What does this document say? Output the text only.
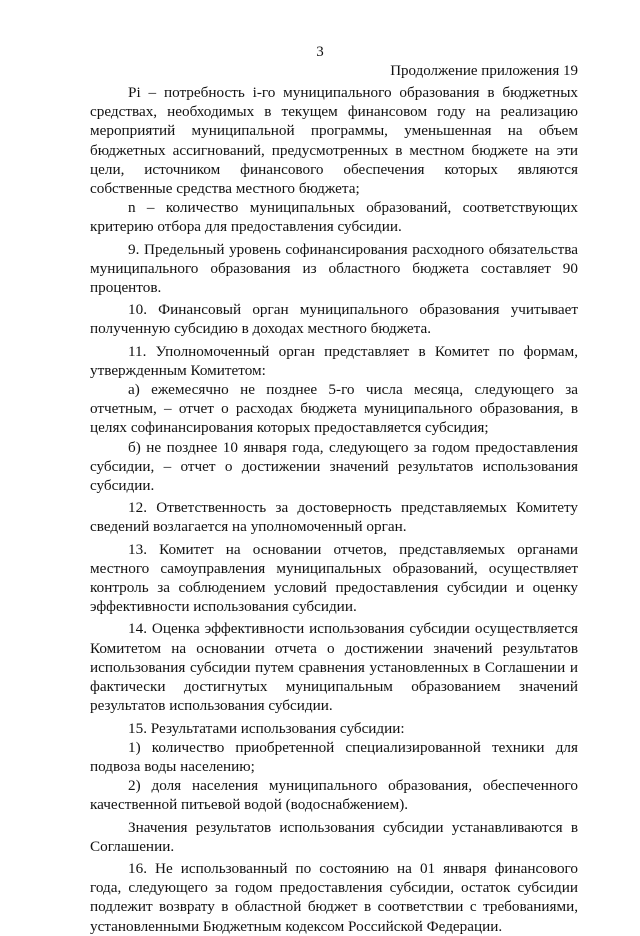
3
Продолжение приложения 19

Pi – потребность i-го муниципального образования в бюджетных средствах, необходимых в текущем финансовом году на реализацию мероприятий муниципальной программы, уменьшенная на объем бюджетных ассигнований, предусмотренных в местном бюджете на эти цели, источником финансового обеспечения которых являются собственные средства местного бюджета;

n – количество муниципальных образований, соответствующих критерию отбора для предоставления субсидии.

9. Предельный уровень софинансирования расходного обязательства муниципального образования из областного бюджета составляет 90 процентов.

10. Финансовый орган муниципального образования учитывает полученную субсидию в доходах местного бюджета.

11. Уполномоченный орган представляет в Комитет по формам, утвержденным Комитетом:

а) ежемесячно не позднее 5-го числа месяца, следующего за отчетным, – отчет о расходах бюджета муниципального образования, в целях софинансирования которых предоставляется субсидия;

б) не позднее 10 января года, следующего за годом предоставления субсидии, – отчет о достижении значений результатов использования субсидии.

12. Ответственность за достоверность представляемых Комитету сведений возлагается на уполномоченный орган.

13. Комитет на основании отчетов, представляемых органами местного самоуправления муниципальных образований, осуществляет контроль за соблюдением условий предоставления субсидии и оценку эффективности использования субсидии.

14. Оценка эффективности использования субсидии осуществляется Комитетом на основании отчета о достижении значений результатов использования субсидии путем сравнения установленных в Соглашении и фактически достигнутых муниципальным образованием значений результатов использования субсидии.

15. Результатами использования субсидии:

1) количество приобретенной специализированной техники для подвоза воды населению;

2) доля населения муниципального образования, обеспеченного качественной питьевой водой (водоснабжением).

Значения результатов использования субсидии устанавливаются в Соглашении.

16. Не использованный по состоянию на 01 января финансового года, следующего за годом предоставления субсидии, остаток субсидии подлежит возврату в областной бюджет в соответствии с требованиями, установленными Бюджетным кодексом Российской Федерации.
